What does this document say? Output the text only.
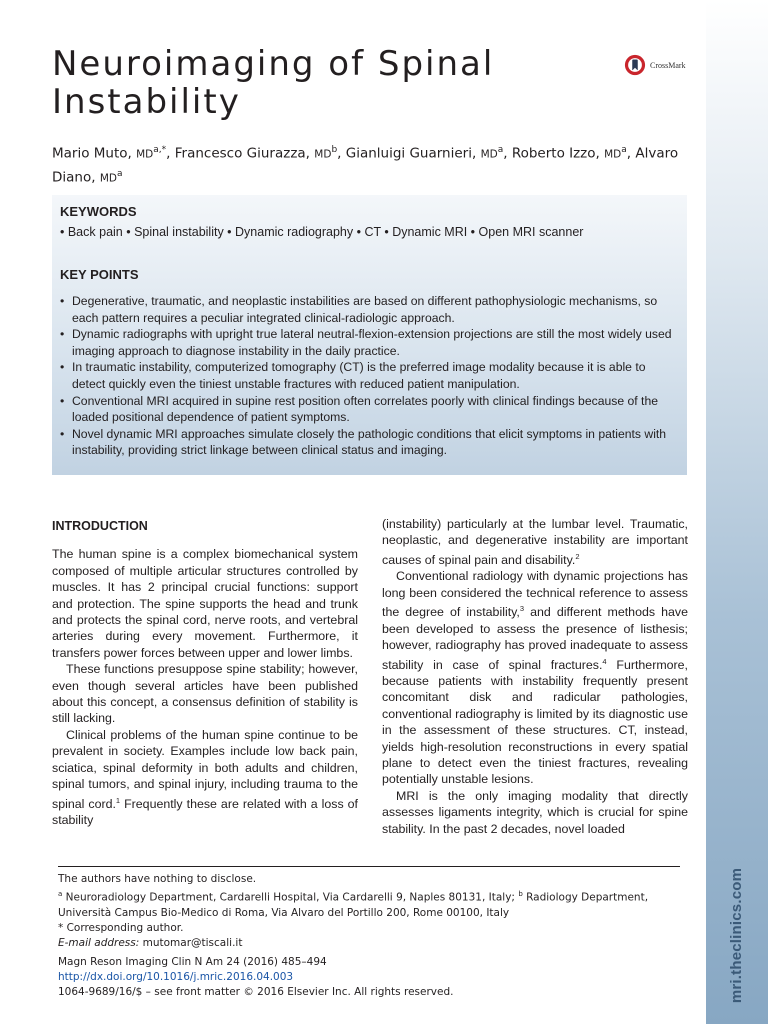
mri.theclinics.com
Neuroimaging of Spinal Instability
CrossMark
Mario Muto, $MD^{a,*}$, Francesco Giurazza, $MD^b$, Gianluigi Guarnieri, $MD^a$, Roberto Izzo, $MD^a$, Alvaro Diano, $MD^a$
KEYWORDS
• Back pain • Spinal instability • Dynamic radiography • CT • Dynamic MRI • Open MRI scanner
KEY POINTS
• Degenerative, traumatic, and neoplastic instabilities are based on different pathophysiologic mechanisms, so each pattern requires a peculiar integrated clinical-radiologic approach.
• Dynamic radiographs with upright true lateral neutral-flexion-extension projections are still the most widely used imaging approach to diagnose instability in the daily practice.
• In traumatic instability, computerized tomography (CT) is the preferred image modality because it is able to detect quickly even the tiniest unstable fractures with reduced patient manipulation.
• Conventional MRI acquired in supine rest position often correlates poorly with clinical findings because of the loaded positional dependence of patient symptoms.
• Novel dynamic MRI approaches simulate closely the pathologic conditions that elicit symptoms in patients with instability, providing strict linkage between clinical status and imaging.
INTRODUCTION

The human spine is a complex biomechanical system composed of multiple articular structures controlled by muscles. It has 2 principal crucial functions: support and protection. The spine supports the head and trunk and protects the spinal cord, nerve roots, and vertebral arteries during every movement. Furthermore, it transfers power forces between upper and lower limbs.

These functions presuppose spine stability; however, even though several articles have been published about this concept, a consensus definition of stability is still lacking.

Clinical problems of the human spine continue to be prevalent in society. Examples include low back pain, sciatica, spinal deformity in both adults and children, spinal tumors, and spinal injury, including trauma to the spinal cord.$^1$ Frequently these are related with a loss of stability

(instability) particularly at the lumbar level. Traumatic, neoplastic, and degenerative instability are important causes of spinal pain and disability.$^2$

Conventional radiology with dynamic projections has long been considered the technical reference to assess the degree of instability,$^3$ and different methods have been developed to assess the presence of listhesis; however, radiography has proved inadequate to assess stability in case of spinal fractures.$^4$ Furthermore, because patients with instability frequently present concomitant disk and radicular pathologies, conventional radiography is limited by its diagnostic use in the assessment of these structures. CT, instead, yields high-resolution reconstructions in every spatial plane to detect even the tiniest fractures, revealing potentially unstable lesions.

MRI is the only imaging modality that directly assesses ligaments integrity, which is crucial for spine stability. In the past 2 decades, novel loaded

The authors have nothing to disclose.
$^a$ Neuroradiology Department, Cardarelli Hospital, Via Cardarelli 9, Naples 80131, Italy; $^b$ Radiology Department, Università Campus Bio-Medico di Roma, Via Alvaro del Portillo 200, Rome 00100, Italy
* Corresponding author.
E-mail address: mutomar@tiscali.it
Magn Reson Imaging Clin N Am 24 (2016) 485–494
http://dx.doi.org/10.1016/j.mric.2016.04.003
1064-9689/16/$ – see front matter © 2016 Elsevier Inc. All rights reserved.
